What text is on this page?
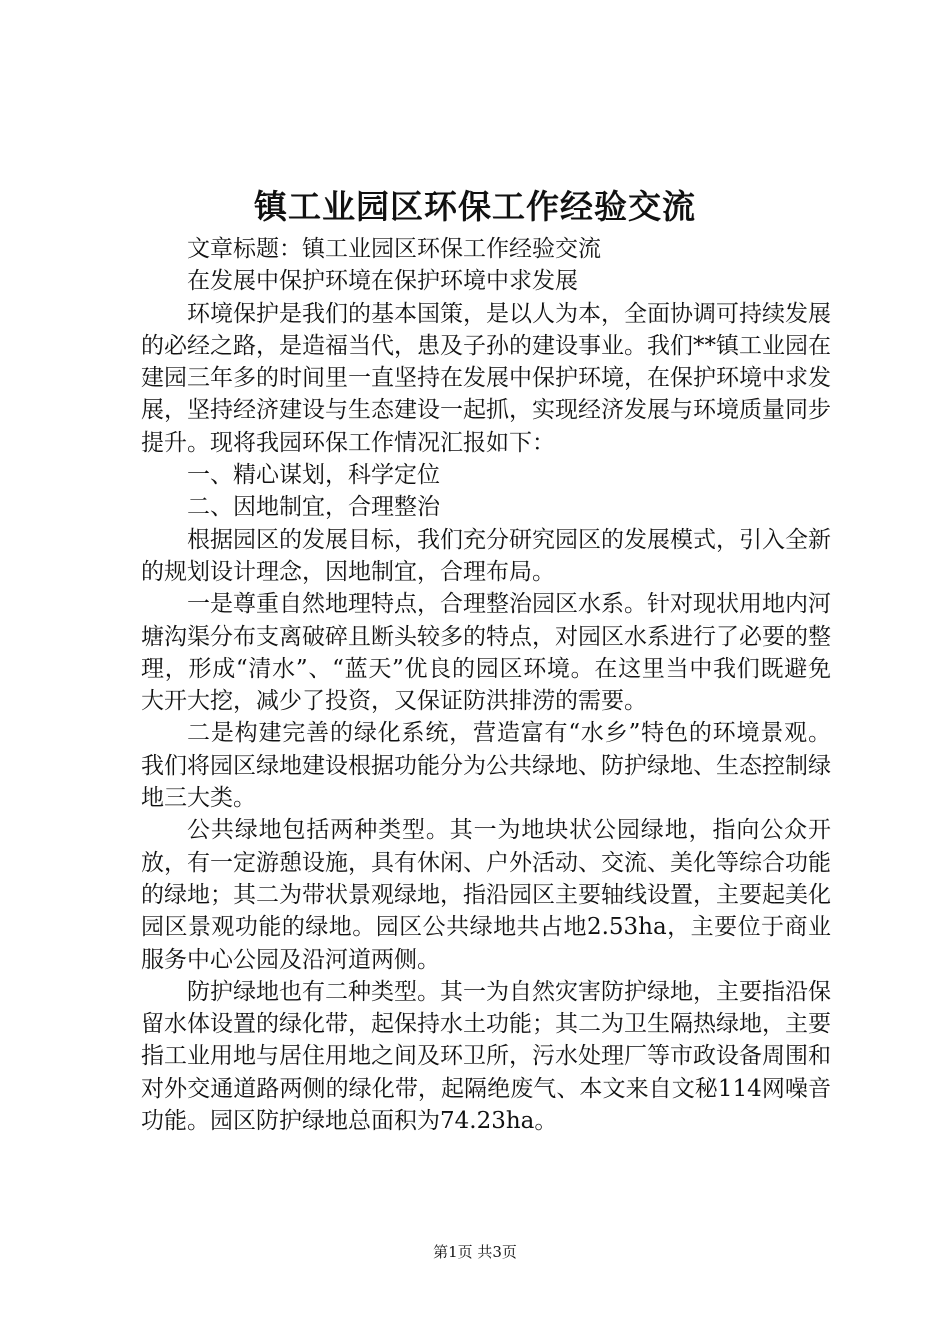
镇工业园区环保工作经验交流

文章标题：镇工业园区环保工作经验交流

在发展中保护环境在保护环境中求发展

环境保护是我们的基本国策，是以人为本，全面协调可持续发展的必经之路，是造福当代，患及子孙的建设事业。我们**镇工业园在建园三年多的时间里一直坚持在发展中保护环境，在保护环境中求发展，坚持经济建设与生态建设一起抓，实现经济发展与环境质量同步提升。现将我园环保工作情况汇报如下：

一、精心谋划，科学定位

二、因地制宜，合理整治

根据园区的发展目标，我们充分研究园区的发展模式，引入全新的规划设计理念，因地制宜，合理布局。

一是尊重自然地理特点，合理整治园区水系。针对现状用地内河塘沟渠分布支离破碎且断头较多的特点，对园区水系进行了必要的整理，形成“清水”、“蓝天”优良的园区环境。在这里当中我们既避免大开大挖，减少了投资，又保证防洪排涝的需要。

二是构建完善的绿化系统，营造富有“水乡”特色的环境景观。我们将园区绿地建设根据功能分为公共绿地、防护绿地、生态控制绿地三大类。

公共绿地包括两种类型。其一为地块状公园绿地，指向公众开放，有一定游憩设施，具有休闲、户外活动、交流、美化等综合功能的绿地；其二为带状景观绿地，指沿园区主要轴线设置，主要起美化园区景观功能的绿地。园区公共绿地共占地2.53ha，主要位于商业服务中心公园及沿河道两侧。

防护绿地也有二种类型。其一为自然灾害防护绿地，主要指沿保留水体设置的绿化带，起保持水土功能；其二为卫生隔热绿地，主要指工业用地与居住用地之间及环卫所，污水处理厂等市政设备周围和对外交通道路两侧的绿化带，起隔绝废气、本文来自文秘114网噪音功能。园区防护绿地总面积为74.23ha。

第1页 共3页
